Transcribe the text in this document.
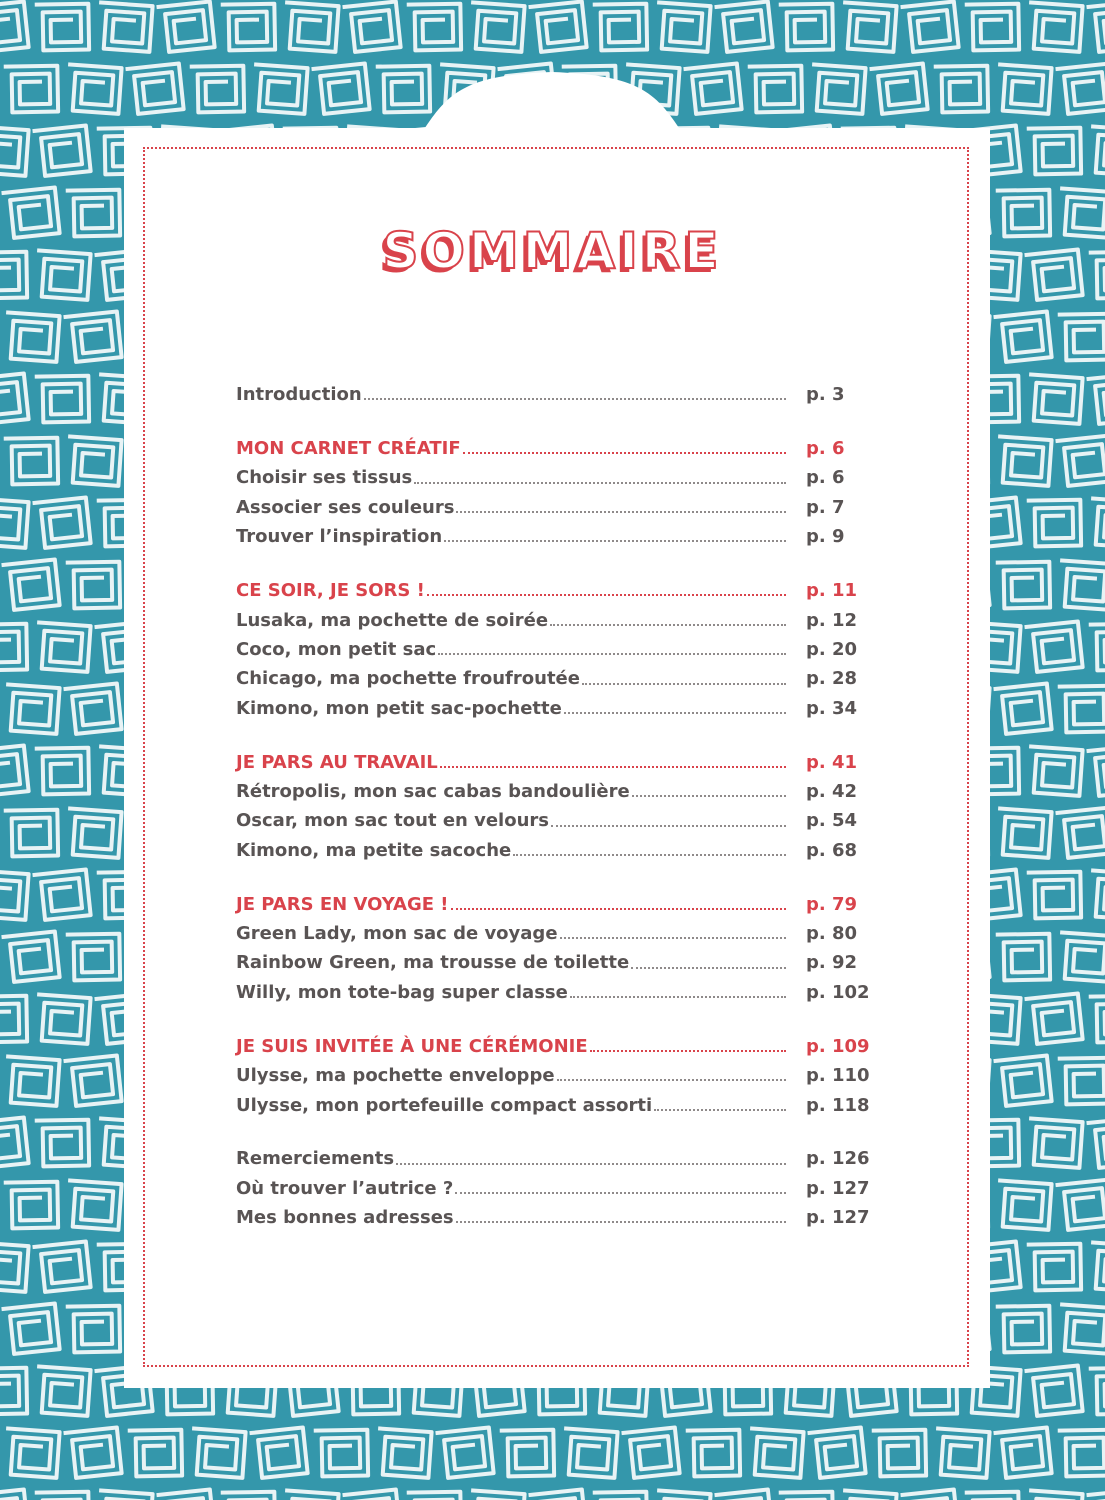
SOMMAIRE
Introduction	p. 3
MON CARNET CRÉATIF	p. 6
Choisir ses tissus	p. 6
Associer ses couleurs	p. 7
Trouver l’inspiration	p. 9
CE SOIR, JE SORS !	p. 11
Lusaka, ma pochette de soirée	p. 12
Coco, mon petit sac	p. 20
Chicago, ma pochette froufroutée	p. 28
Kimono, mon petit sac-pochette	p. 34
JE PARS AU TRAVAIL	p. 41
Rétropolis, mon sac cabas bandoulière	p. 42
Oscar, mon sac tout en velours	p. 54
Kimono, ma petite sacoche	p. 68
JE PARS EN VOYAGE !	p. 79
Green Lady, mon sac de voyage	p. 80
Rainbow Green, ma trousse de toilette	p. 92
Willy, mon tote-bag super classe	p. 102
JE SUIS INVITÉE À UNE CÉRÉMONIE	p. 109
Ulysse, ma pochette enveloppe	p. 110
Ulysse, mon portefeuille compact assorti	p. 118
Remerciements	p. 126
Où trouver l’autrice ?	p. 127
Mes bonnes adresses	p. 127
